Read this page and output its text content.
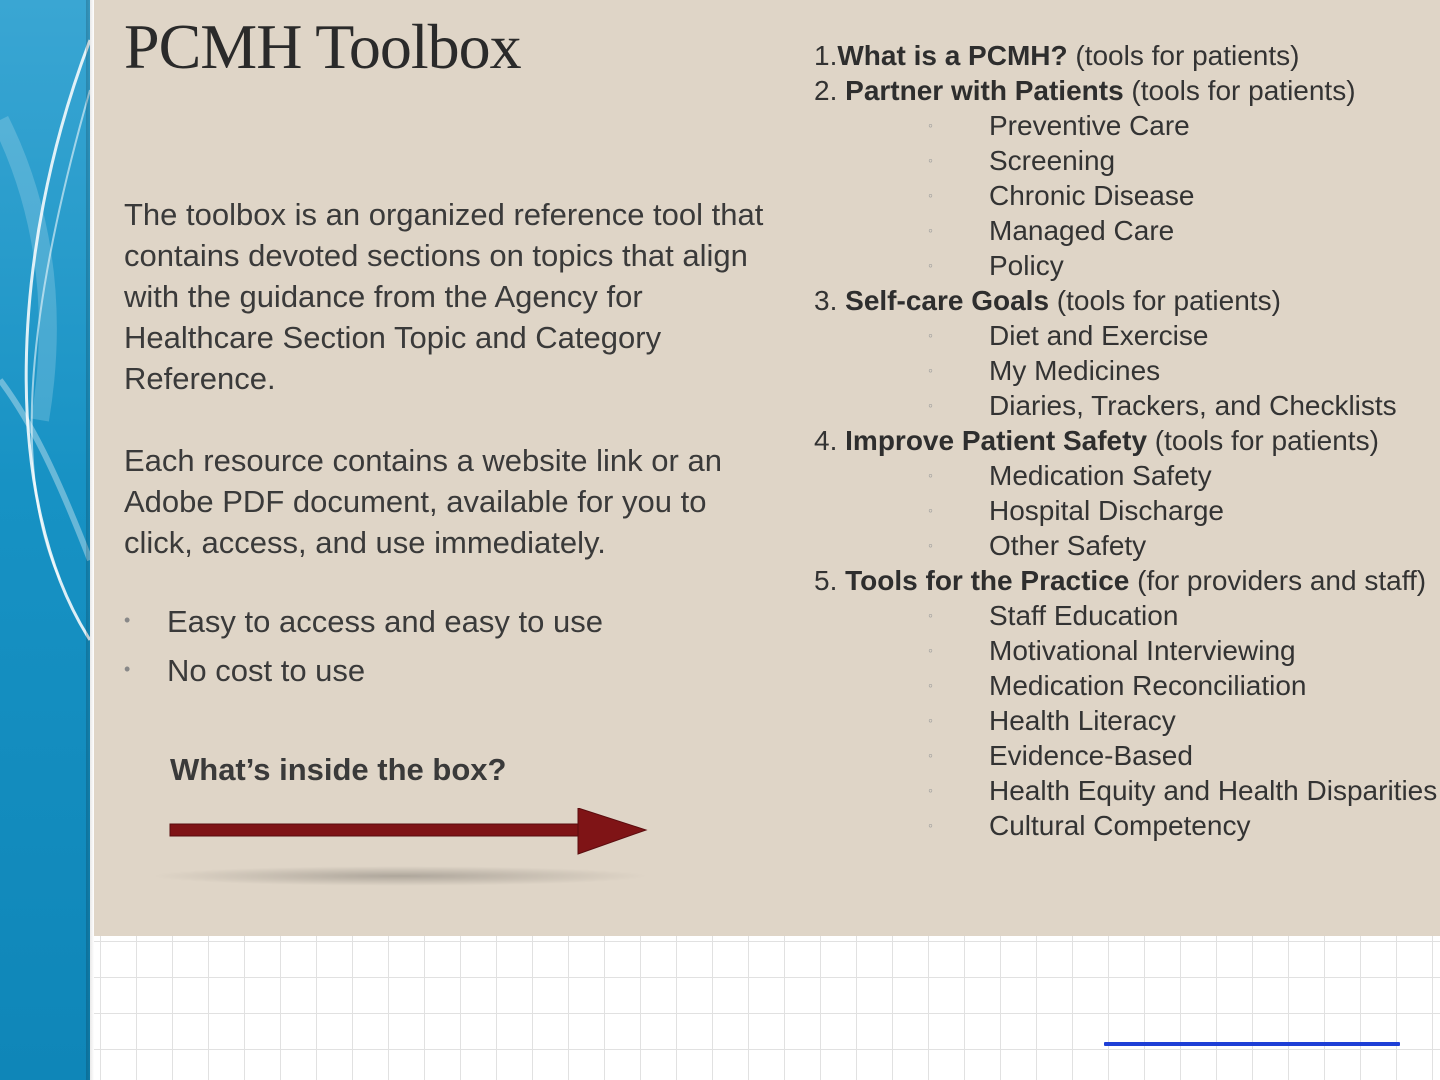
PCMH Toolbox
The toolbox is an organized reference tool that contains devoted sections on topics that align with the guidance from the Agency for Healthcare Section Topic and Category Reference.
Each resource contains a website link or an Adobe PDF document, available for you to click, access, and use immediately.
• Easy to access and easy to use
• No cost to use
What’s inside the box?
1.What is a PCMH? (tools for patients)
2. Partner with Patients (tools for patients)
◦ Preventive Care
◦ Screening
◦ Chronic Disease
◦ Managed Care
◦ Policy
3. Self-care Goals (tools for patients)
◦ Diet and Exercise
◦ My Medicines
◦ Diaries, Trackers, and Checklists
4. Improve Patient Safety (tools for patients)
◦ Medication Safety
◦ Hospital Discharge
◦ Other Safety
5. Tools for the Practice (for providers and staff)
◦ Staff Education
◦ Motivational Interviewing
◦ Medication Reconciliation
◦ Health Literacy
◦ Evidence-Based
◦ Health Equity and Health Disparities
◦ Cultural Competency
